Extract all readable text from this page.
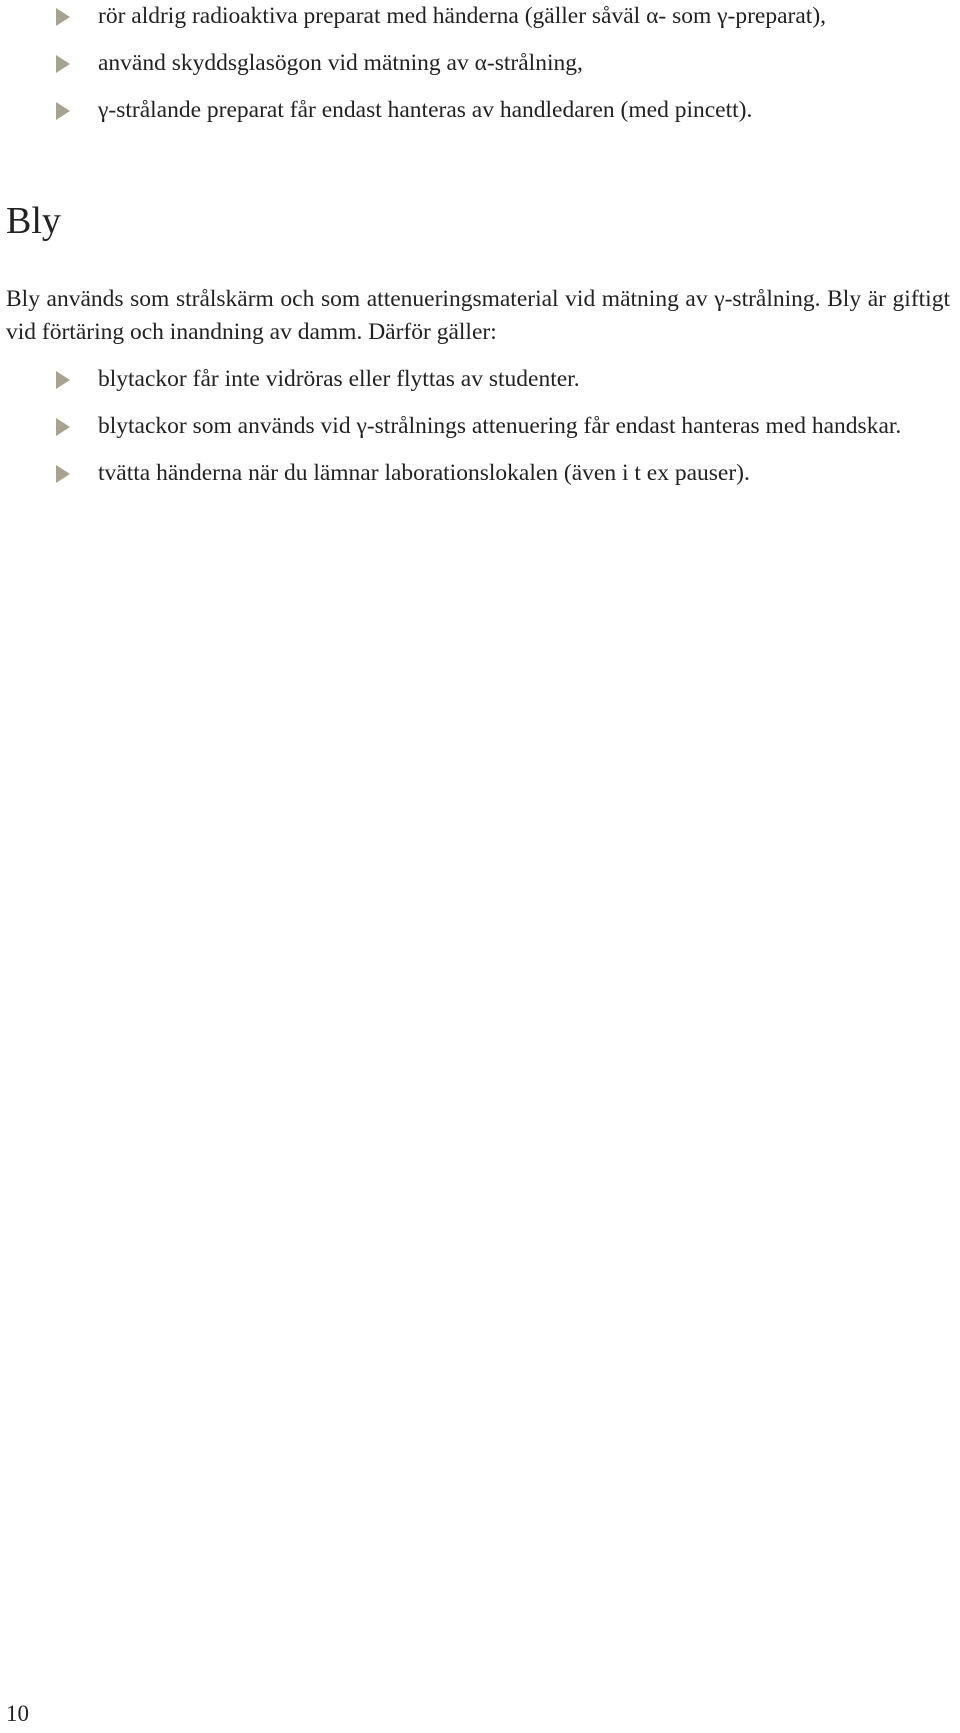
rör aldrig radioaktiva preparat med händerna (gäller såväl α- som γ-preparat),
använd skyddsglasögon vid mätning av α-strålning,
γ-strålande preparat får endast hanteras av handledaren (med pincett).
Bly

Bly används som strålskärm och som attenueringsmaterial vid mätning av γ-strålning. Bly är giftigt vid förtäring och inandning av damm. Därför gäller:

blytackor får inte vidröras eller flyttas av studenter.
blytackor som används vid γ-strålnings attenuering får endast hanteras med handskar.
tvätta händerna när du lämnar laborationslokalen (även i t ex pauser).
10
